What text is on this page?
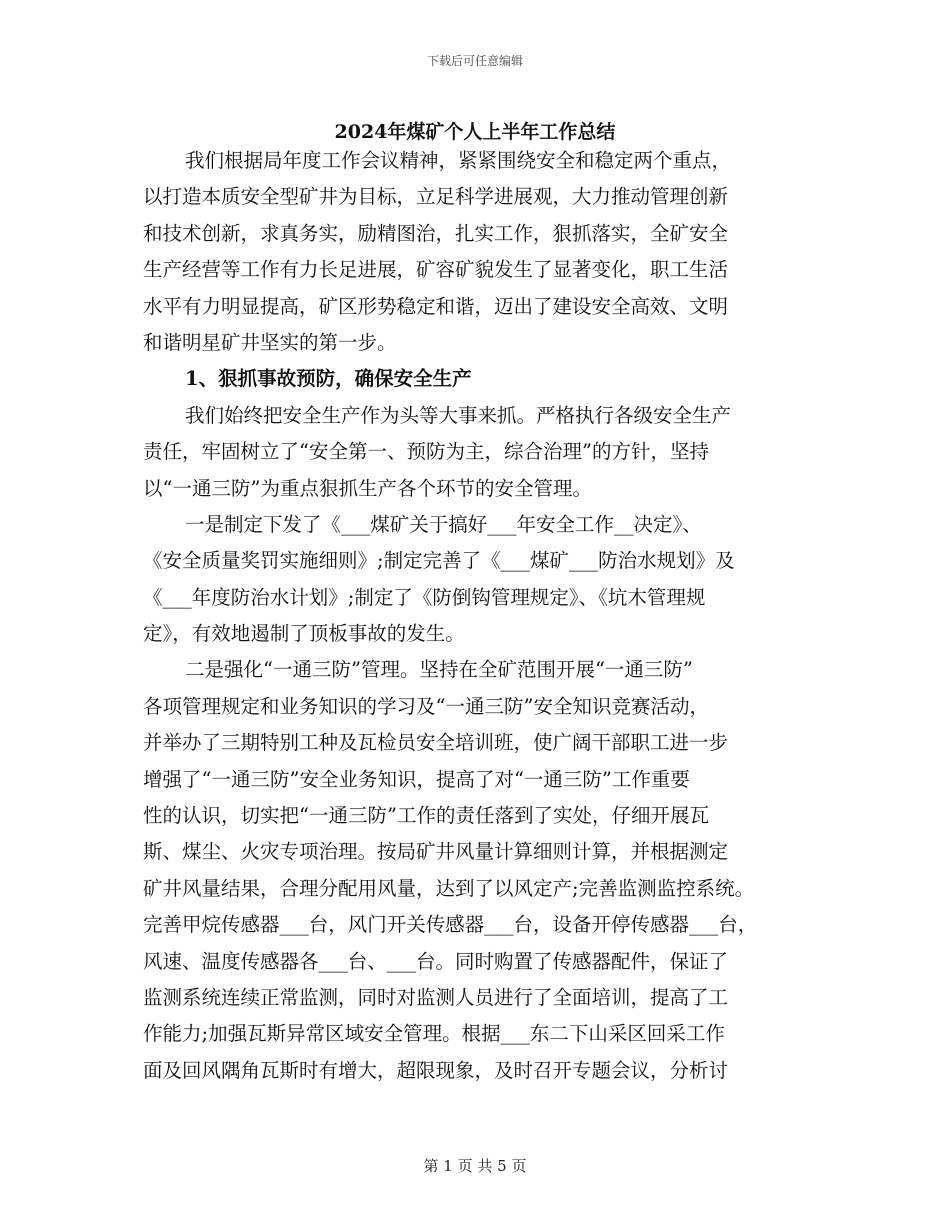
下载后可任意编辑
2024年煤矿个人上半年工作总结
我们根据局年度工作会议精神，紧紧围绕安全和稳定两个重点，
以打造本质安全型矿井为目标，立足科学进展观，大力推动管理创新
和技术创新，求真务实，励精图治，扎实工作，狠抓落实，全矿安全
生产经营等工作有力长足进展，矿容矿貌发生了显著变化，职工生活
水平有力明显提高，矿区形势稳定和谐，迈出了建设安全高效、文明
和谐明星矿井坚实的第一步。
1、狠抓事故预防，确保安全生产
我们始终把安全生产作为头等大事来抓。严格执行各级安全生产
责任，牢固树立了“安全第一、预防为主，综合治理”的方针，坚持
以“一通三防”为重点狠抓生产各个环节的安全管理。
一是制定下发了《___煤矿关于搞好___年安全工作__决定》、
《安全质量奖罚实施细则》;制定完善了《___煤矿___防治水规划》及
《___年度防治水计划》;制定了《防倒钩管理规定》、《坑木管理规
定》，有效地遏制了顶板事故的发生。
二是强化“一通三防”管理。坚持在全矿范围开展“一通三防”
各项管理规定和业务知识的学习及“一通三防”安全知识竞赛活动，
并举办了三期特别工种及瓦检员安全培训班，使广阔干部职工进一步
增强了“一通三防”安全业务知识，提高了对“一通三防”工作重要
性的认识，切实把“一通三防”工作的责任落到了实处，仔细开展瓦
斯、煤尘、火灾专项治理。按局矿井风量计算细则计算，并根据测定
矿井风量结果，合理分配用风量，达到了以风定产;完善监测监控系统。
完善甲烷传感器___台，风门开关传感器___台，设备开停传感器___台，
风速、温度传感器各___台、___台。同时购置了传感器配件，保证了
监测系统连续正常监测，同时对监测人员进行了全面培训，提高了工
作能力;加强瓦斯异常区域安全管理。根据___东二下山采区回采工作
面及回风隅角瓦斯时有增大，超限现象，及时召开专题会议，分析讨
第 1 页 共 5 页
